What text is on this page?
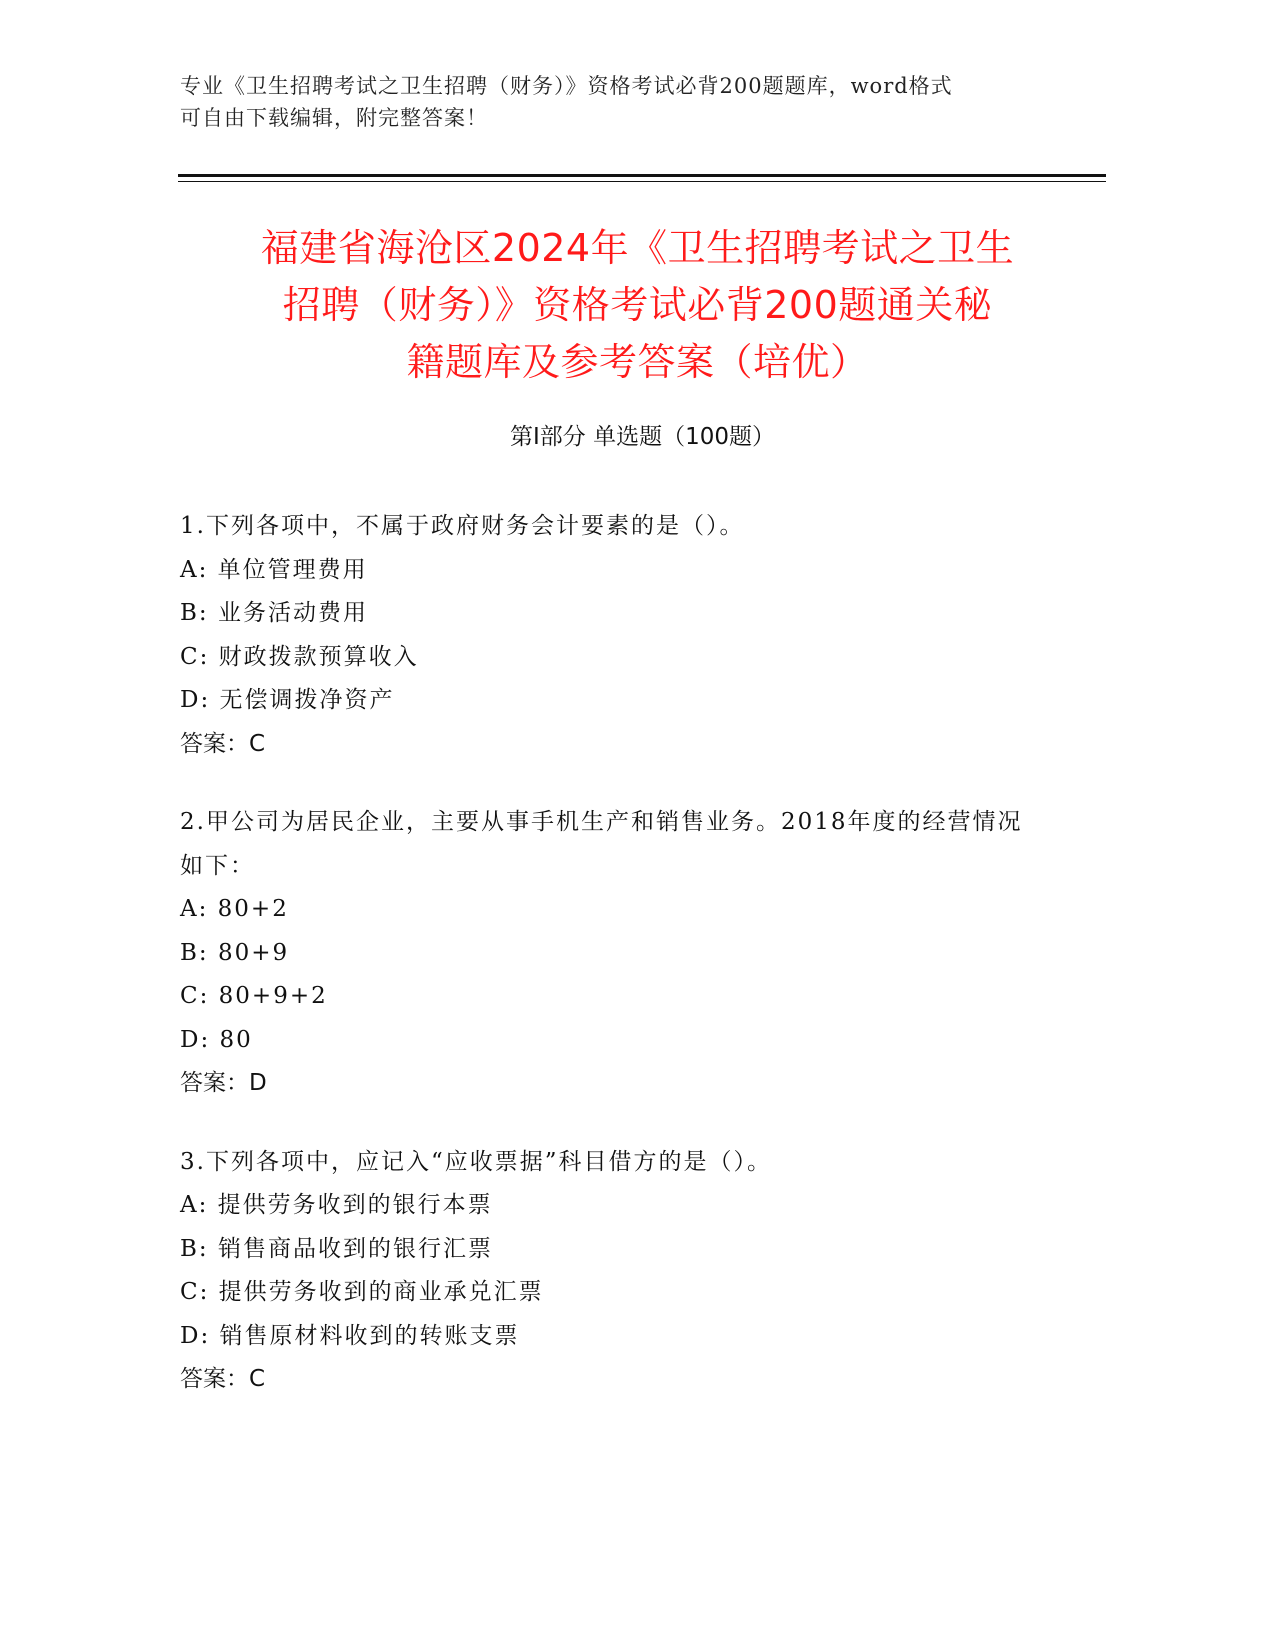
专业《卫生招聘考试之卫生招聘（财务）》资格考试必背200题题库，word格式
可自由下载编辑，附完整答案！
福建省海沧区2024年《卫生招聘考试之卫生
招聘（财务）》资格考试必背200题通关秘
籍题库及参考答案（培优）
第Ⅰ部分 单选题（100题）

1.下列各项中，不属于政府财务会计要素的是（）。

A: 单位管理费用

B: 业务活动费用

C: 财政拨款预算收入

D: 无偿调拨净资产

答案：C

2.甲公司为居民企业，主要从事手机生产和销售业务。2018年度的经营情况如下：

A: 80+2

B: 80+9

C: 80+9+2

D: 80

答案：D

3.下列各项中，应记入“应收票据”科目借方的是（）。

A: 提供劳务收到的银行本票

B: 销售商品收到的银行汇票

C: 提供劳务收到的商业承兑汇票

D: 销售原材料收到的转账支票

答案：C
